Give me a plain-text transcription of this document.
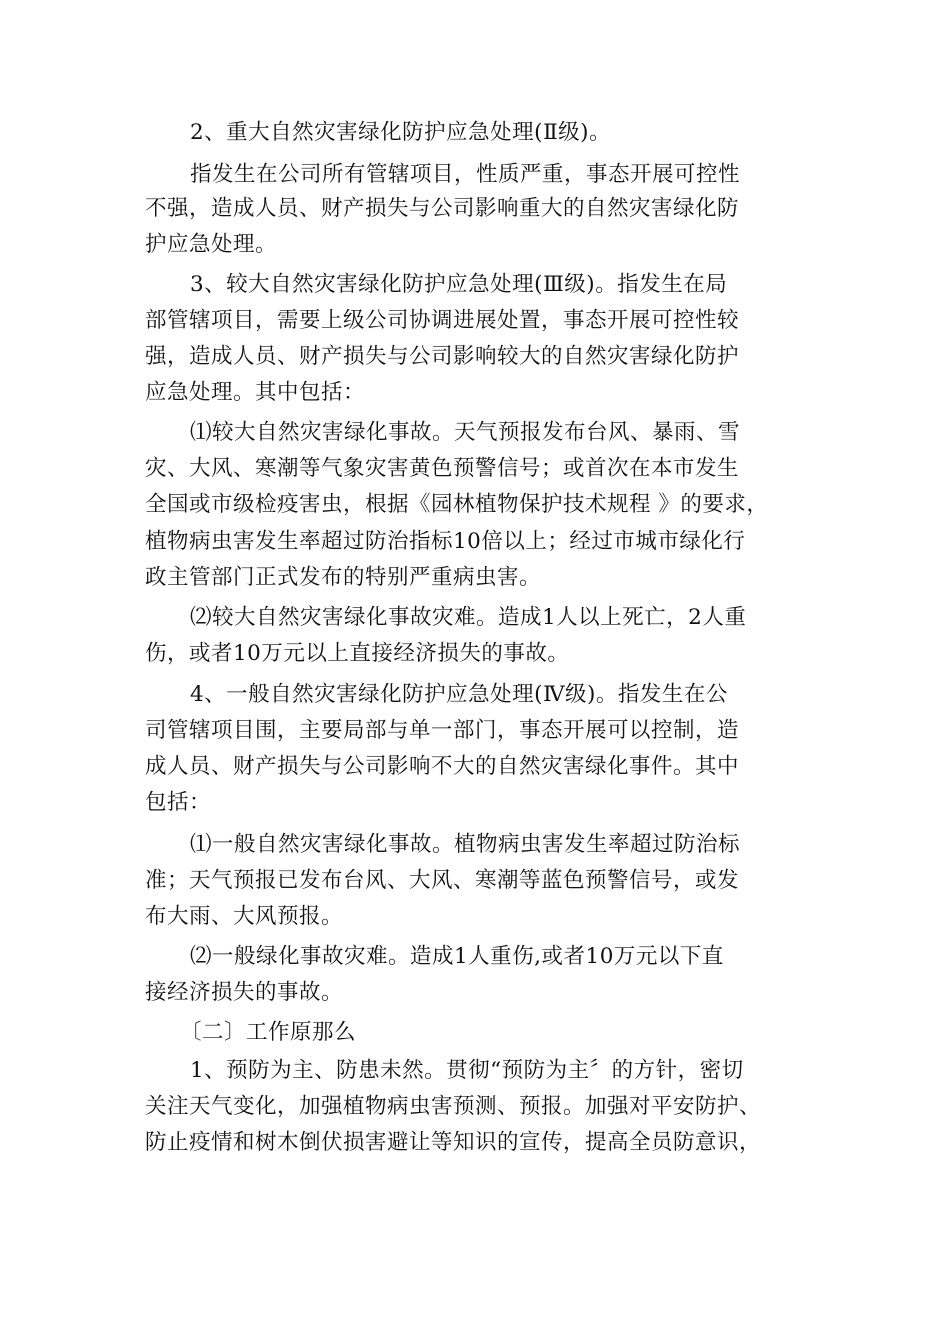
2、重大自然灾害绿化防护应急处理(Ⅱ级)。
指发生在公司所有管辖项目，性质严重，事态开展可控性
不强，造成人员、财产损失与公司影响重大的自然灾害绿化防
护应急处理。
3、较大自然灾害绿化防护应急处理(Ⅲ级)。指发生在局
部管辖项目，需要上级公司协调进展处置，事态开展可控性较
强，造成人员、财产损失与公司影响较大的自然灾害绿化防护
应急处理。其中包括：
⑴较大自然灾害绿化事故。天气预报发布台风、暴雨、雪
灾、大风、寒潮等气象灾害黄色预警信号；或首次在本市发生
全国或市级检疫害虫，根据《园林植物保护技术规程 》的要求，
植物病虫害发生率超过防治指标10倍以上；经过市城市绿化行
政主管部门正式发布的特别严重病虫害。
⑵较大自然灾害绿化事故灾难。造成1人以上死亡，2人重
伤，或者10万元以上直接经济损失的事故。
4、一般自然灾害绿化防护应急处理(Ⅳ级)。指发生在公
司管辖项目围，主要局部与单一部门，事态开展可以控制，造
成人员、财产损失与公司影响不大的自然灾害绿化事件。其中
包括：
⑴一般自然灾害绿化事故。植物病虫害发生率超过防治标
准；天气预报已发布台风、大风、寒潮等蓝色预警信号，或发
布大雨、大风预报。
⑵一般绿化事故灾难。造成1人重伤,或者10万元以下直
接经济损失的事故。
〔二〕工作原那么
1、预防为主、防患未然。贯彻“预防为主〞的方针，密切
关注天气变化，加强植物病虫害预测、预报。加强对平安防护、
防止疫情和树木倒伏损害避让等知识的宣传，提高全员防意识，
